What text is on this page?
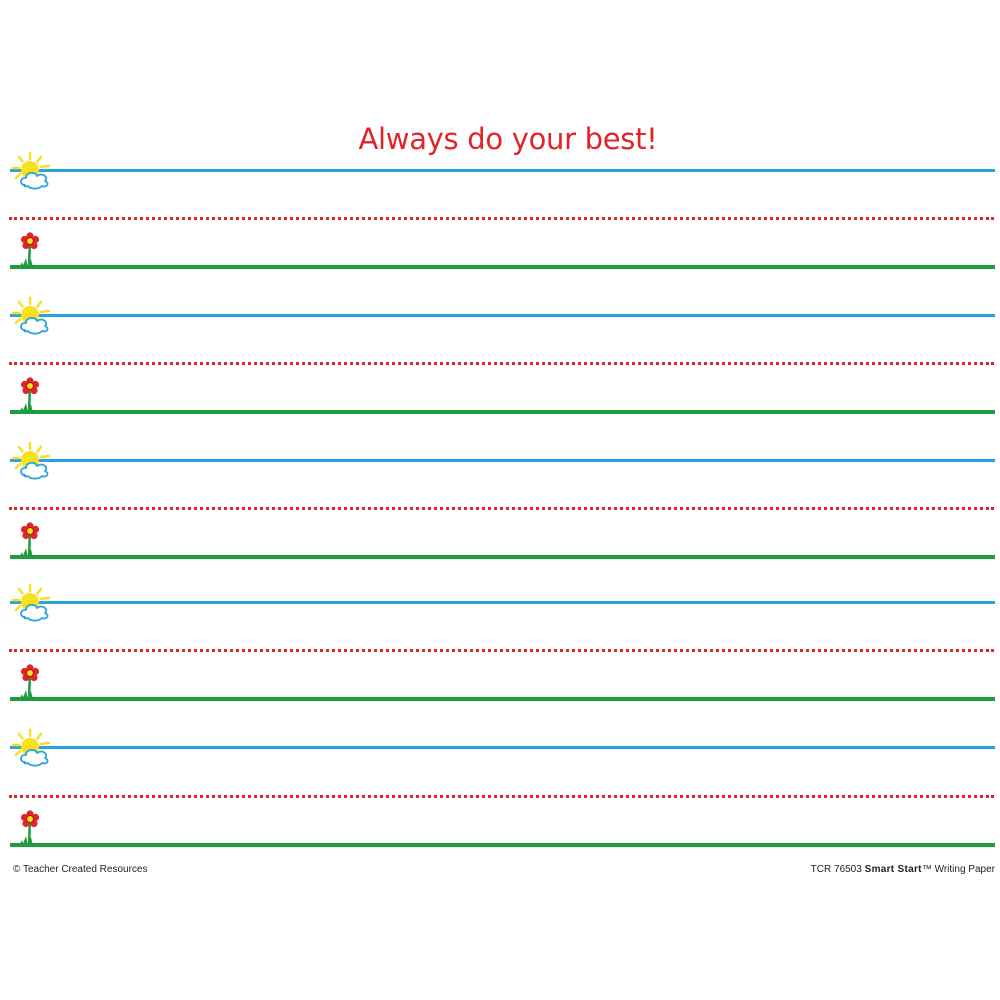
Always do your best!
© Teacher Created Resources	TCR 76503 Smart Start™ Writing Paper
